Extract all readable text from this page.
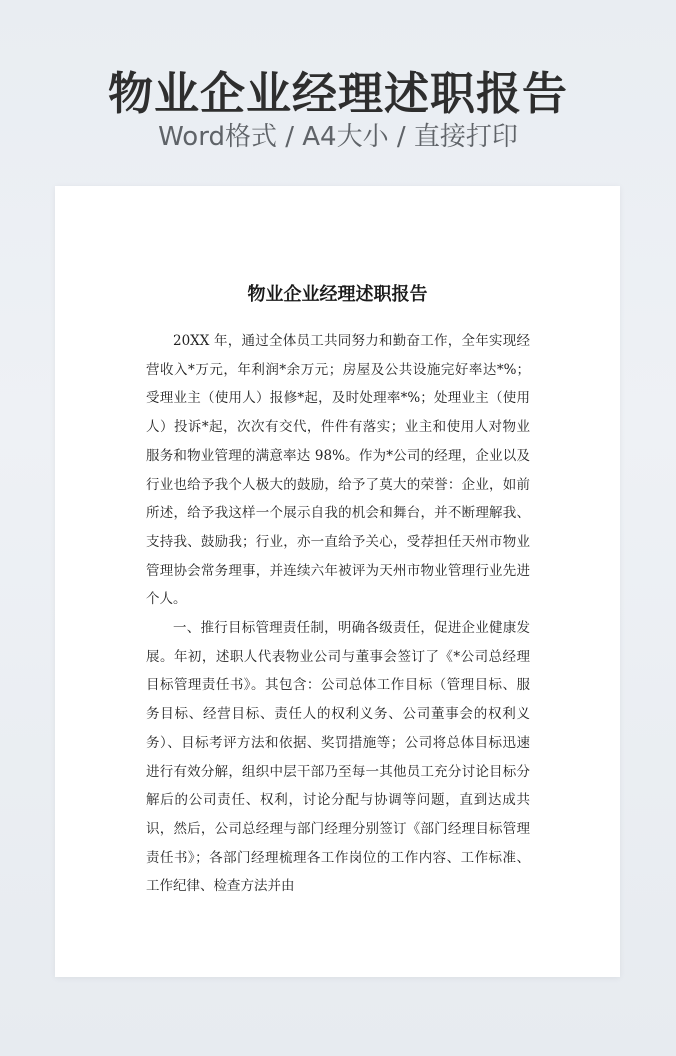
物业企业经理述职报告
Word格式 / A4大小 / 直接打印
物业企业经理述职报告

20XX 年，通过全体员工共同努力和勤奋工作，全年实现经营收入*万元，年利润*余万元；房屋及公共设施完好率达*%；受理业主（使用人）报修*起，及时处理率*%；处理业主（使用人）投诉*起，次次有交代，件件有落实；业主和使用人对物业服务和物业管理的满意率达 98%。作为*公司的经理，企业以及行业也给予我个人极大的鼓励，给予了莫大的荣誉：企业，如前所述，给予我这样一个展示自我的机会和舞台，并不断理解我、支持我、鼓励我；行业，亦一直给予关心，受荐担任天州市物业管理协会常务理事，并连续六年被评为天州市物业管理行业先进个人。

一、推行目标管理责任制，明确各级责任，促进企业健康发展。年初，述职人代表物业公司与董事会签订了《*公司总经理目标管理责任书》。其包含：公司总体工作目标（管理目标、服务目标、经营目标、责任人的权利义务、公司董事会的权利义务）、目标考评方法和依据、奖罚措施等；公司将总体目标迅速进行有效分解，组织中层干部乃至每一其他员工充分讨论目标分解后的公司责任、权利，讨论分配与协调等问题，直到达成共识，然后，公司总经理与部门经理分别签订《部门经理目标管理责任书》；各部门经理梳理各工作岗位的工作内容、工作标准、工作纪律、检查方法并由
